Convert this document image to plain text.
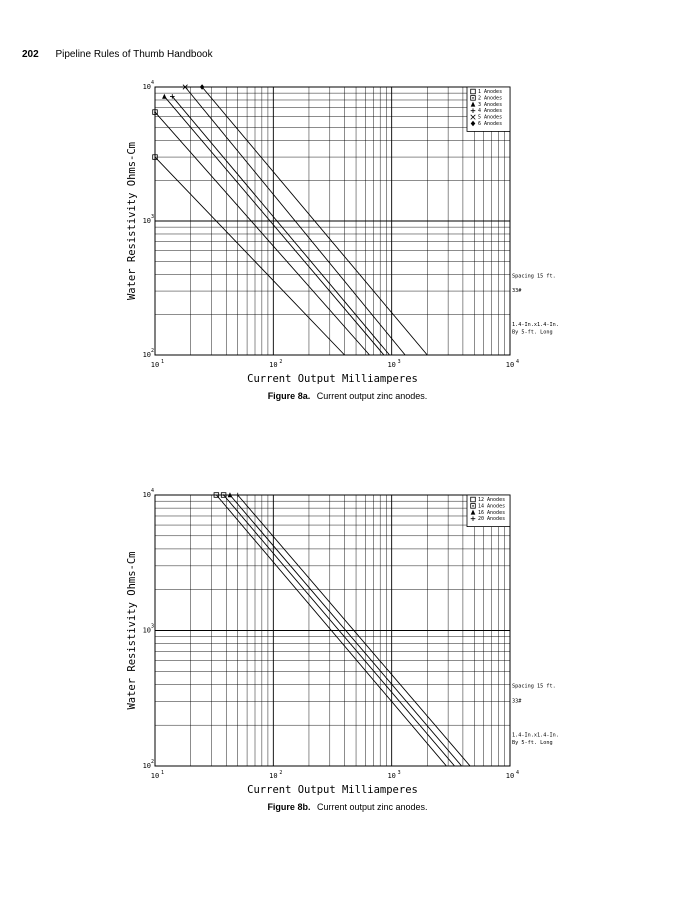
202 Pipeline Rules of Thumb Handbook
10 1	10 2	10 3	10 4
10 2
10 3
10 4
Current Output Milliamperes
Water Resistivity Ohms-Cm
1 Anodes
2 Anodes
3 Anodes
4 Anodes
5 Anodes
6 Anodes
Spacing 15 ft.
33#
1.4-In.x1.4-In.
By 5-ft. Long
Figure 8a. Current output zinc anodes.
10 1	10 2	10 3	10 4
10 2
10 3
10 4
Current Output Milliamperes
Water Resistivity Ohms-Cm
12 Anodes
14 Anodes
16 Anodes
20 Anodes
Spacing 15 ft.
33#
1.4-In.x1.4-In.
By 5-ft. Long
Figure 8b. Current output zinc anodes.
